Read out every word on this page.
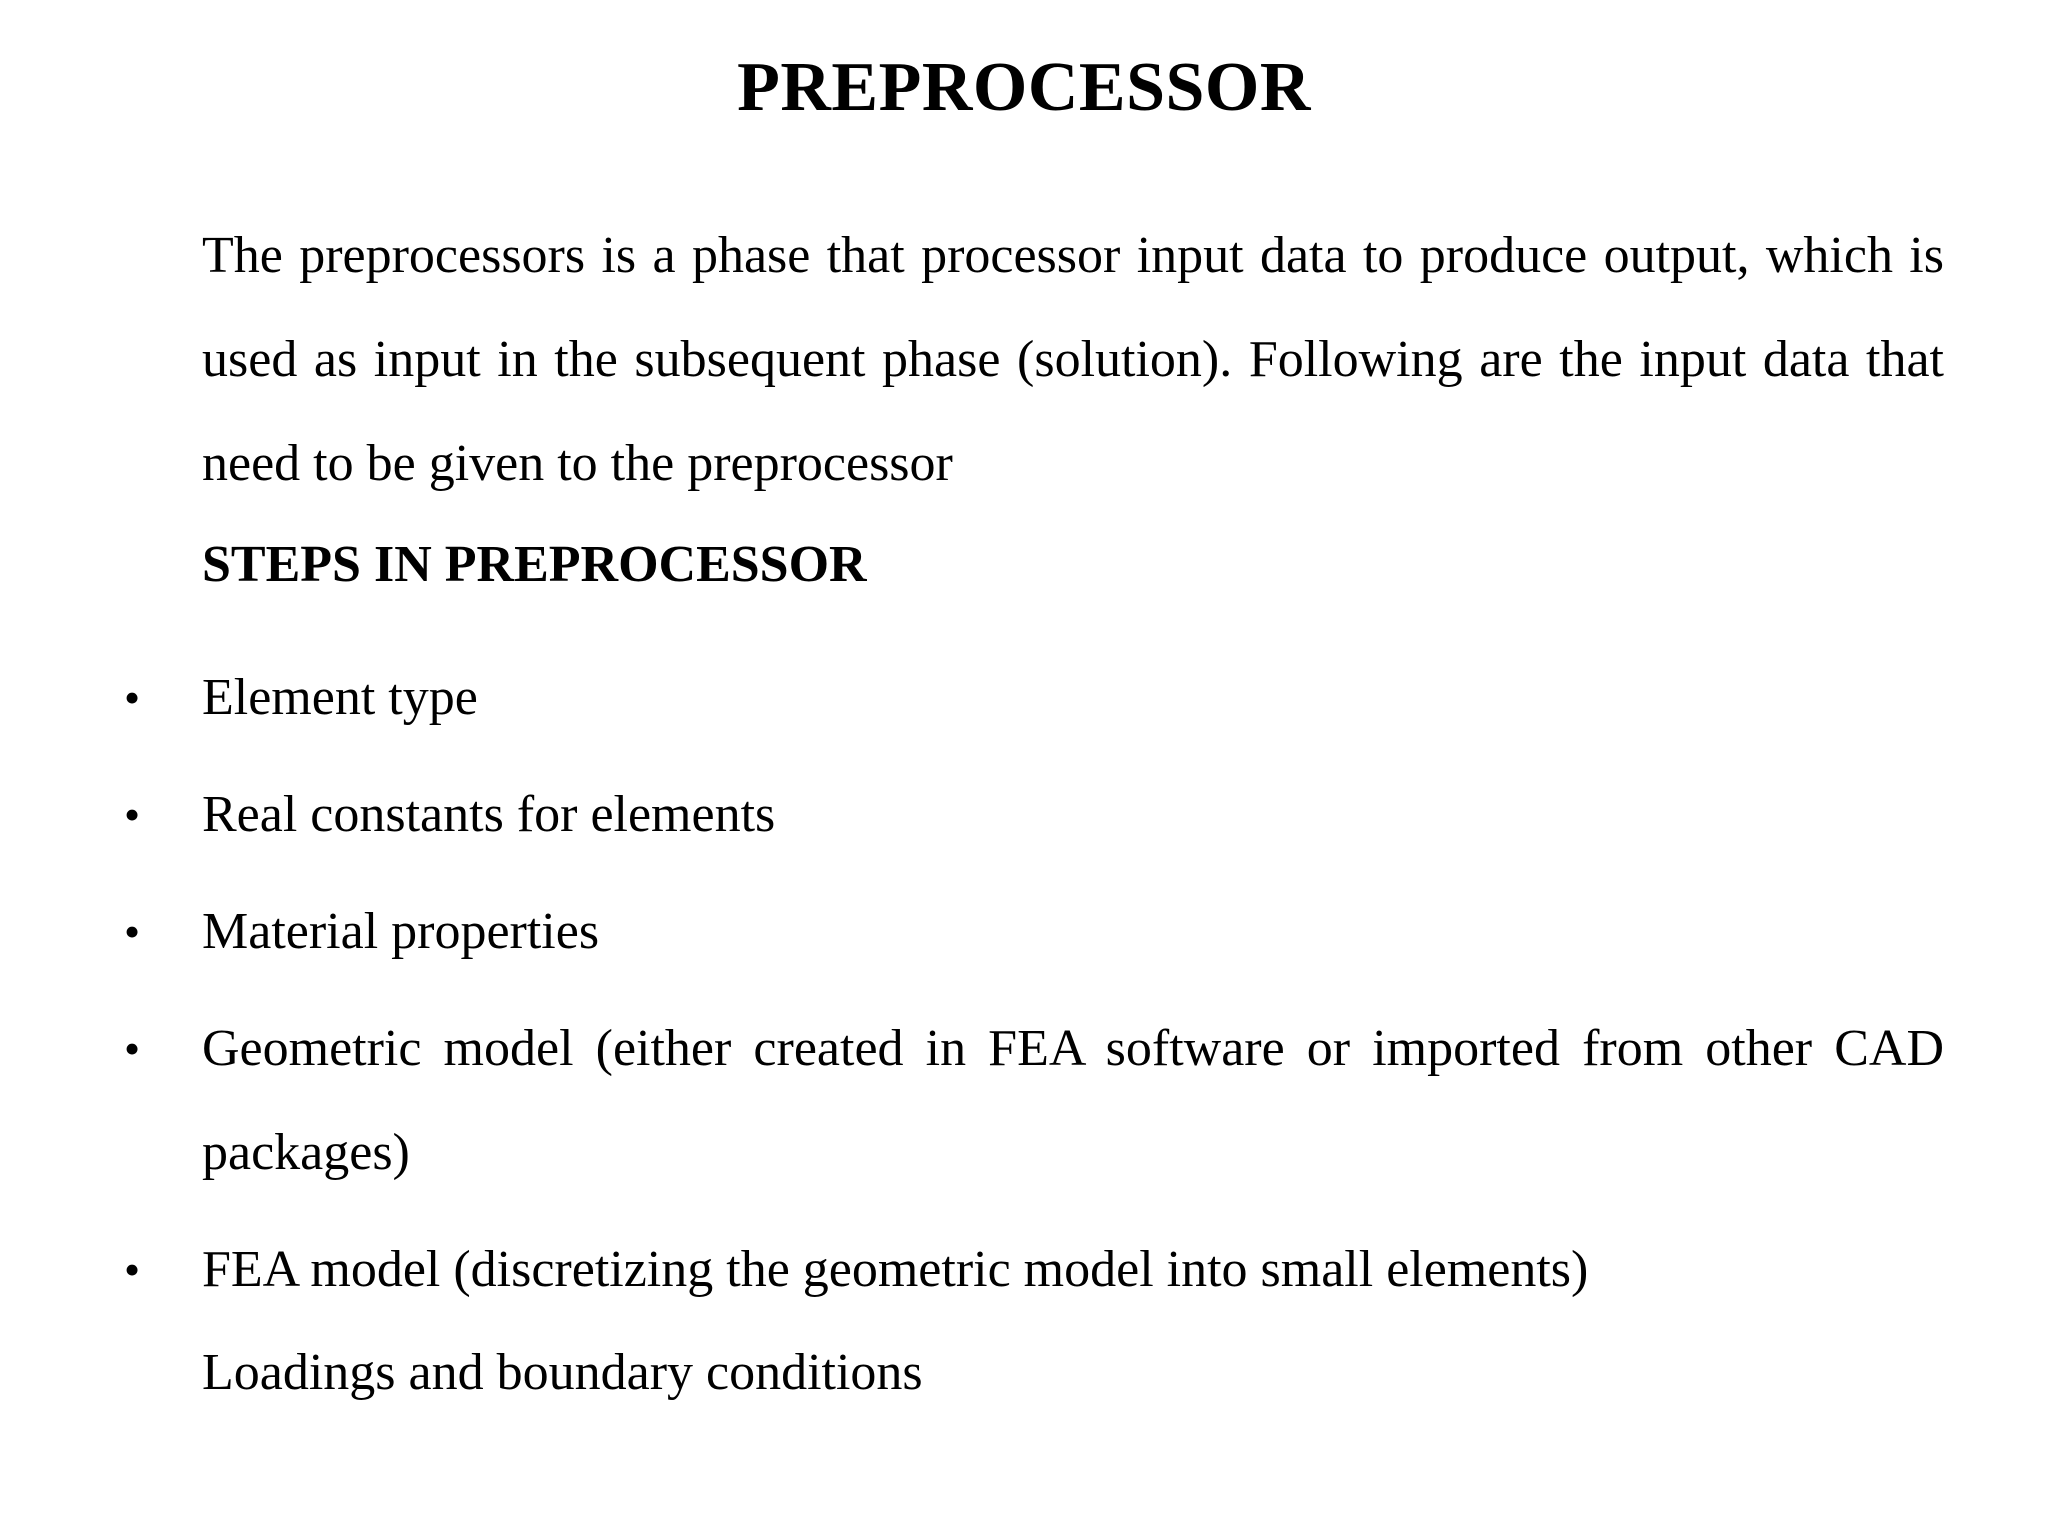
PREPROCESSOR
The preprocessors is a phase that processor input data to produce output, which is used as input in the subsequent phase (solution). Following are the input data that need to be given to the preprocessor
STEPS IN PREPROCESSOR
• Element type
• Real constants for elements
• Material properties
• Geometric model (either created in FEA software or imported from other CAD packages)
• FEA model (discretizing the geometric model into small elements)
Loadings and boundary conditions
